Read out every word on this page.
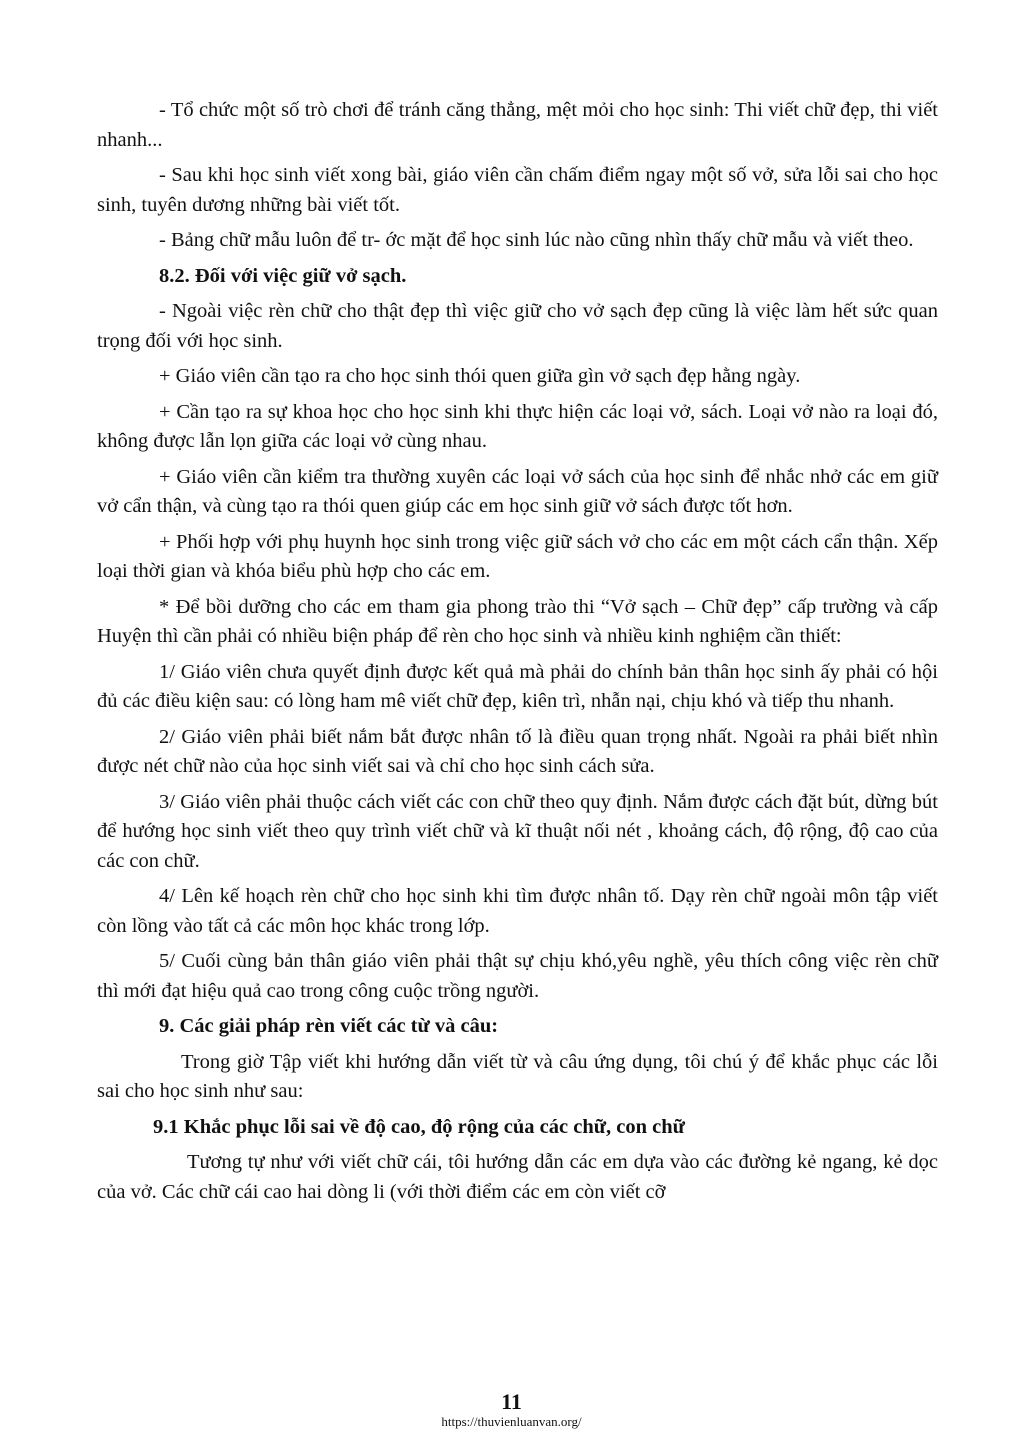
- Tổ chức một số trò chơi để tránh căng thẳng, mệt mỏi cho học sinh: Thi viết chữ đẹp, thi viết nhanh...

- Sau khi học sinh viết xong bài, giáo viên cần chấm điểm ngay một số vở, sửa lỗi sai cho học sinh, tuyên dương những bài viết tốt.

- Bảng chữ mẫu luôn để tr- ớc mặt để học sinh lúc nào cũng nhìn thấy chữ mẫu và viết theo.

8.2. Đối với việc giữ vở sạch.

- Ngoài việc rèn chữ cho thật đẹp thì việc giữ cho vở sạch đẹp cũng là việc làm hết sức quan trọng đối với học sinh.

+ Giáo viên cần tạo ra cho học sinh thói quen giữa gìn vở sạch đẹp hằng ngày.

+ Cần tạo ra sự khoa học cho học sinh khi thực hiện các loại vở, sách. Loại vở nào ra loại đó, không được lẫn lọn giữa các loại vở cùng nhau.

+ Giáo viên cần kiểm tra thường xuyên các loại vở sách của học sinh để nhắc nhở các em giữ vở cẩn thận, và cùng tạo ra thói quen giúp các em học sinh giữ vở sách được tốt hơn.

+ Phối hợp với phụ huynh học sinh trong việc giữ sách vở cho các em một cách cẩn thận. Xếp loại thời gian và khóa biểu phù hợp cho các em.

* Để bồi dưỡng cho các em tham gia phong trào thi “Vở sạch – Chữ đẹp” cấp trường và cấp Huyện thì cần phải có nhiều biện pháp để rèn cho học sinh và nhiều kinh nghiệm cần thiết:

1/ Giáo viên chưa quyết định được kết quả mà phải do chính bản thân học sinh ấy phải có hội đủ các điều kiện sau: có lòng ham mê viết chữ đẹp, kiên trì, nhẫn nại, chịu khó và tiếp thu nhanh.

2/ Giáo viên phải biết nắm bắt được nhân tố là điều quan trọng nhất. Ngoài ra phải biết nhìn được nét chữ nào của học sinh viết sai và chỉ cho học sinh cách sửa.

3/ Giáo viên phải thuộc cách viết các con chữ theo quy định. Nắm được cách đặt bút, dừng bút để hướng học sinh viết theo quy trình viết chữ và kĩ thuật nối nét , khoảng cách, độ rộng, độ cao của các con chữ.

4/ Lên kế hoạch rèn chữ cho học sinh khi tìm được nhân tố. Dạy rèn chữ ngoài môn tập viết còn lồng vào tất cả các môn học khác trong lớp.

5/ Cuối cùng bản thân giáo viên phải thật sự chịu khó,yêu nghề, yêu thích công việc rèn chữ thì mới đạt hiệu quả cao trong công cuộc trồng người.

9. Các giải pháp rèn viết các từ và câu:

Trong giờ Tập viết khi hướng dẫn viết từ và câu ứng dụng, tôi chú ý để khắc phục các lỗi sai cho học sinh như sau:

9.1 Khắc phục lỗi sai về độ cao, độ rộng của các chữ, con chữ

Tương tự như với viết chữ cái, tôi hướng dẫn các em dựa vào các đường kẻ ngang, kẻ dọc của vở. Các chữ cái cao hai dòng li (với thời điểm các em còn viết cỡ

11
https://thuvienluanvan.org/
